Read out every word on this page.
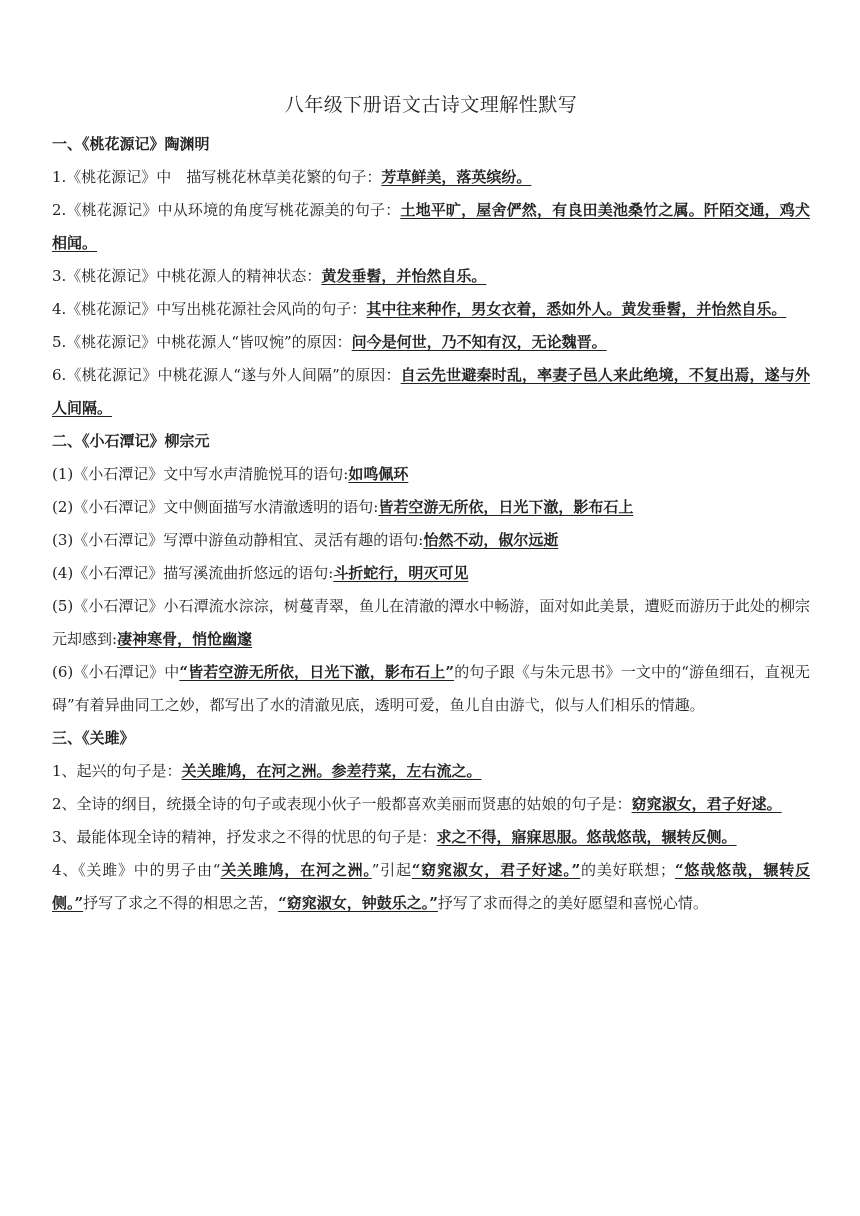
八年级下册语文古诗文理解性默写
一、《桃花源记》陶渊明

1.《桃花源记》中　描写桃花林草美花繁的句子：芳草鲜美，落英缤纷。

2.《桃花源记》中从环境的角度写桃花源美的句子：土地平旷，屋舍俨然，有良田美池桑竹之属。阡陌交通，鸡犬相闻。

3.《桃花源记》中桃花源人的精神状态：黄发垂髫，并怡然自乐。

4.《桃花源记》中写出桃花源社会风尚的句子：其中往来种作，男女衣着，悉如外人。黄发垂髫，并怡然自乐。

5.《桃花源记》中桃花源人“皆叹惋”的原因：问今是何世，乃不知有汉，无论魏晋。

6.《桃花源记》中桃花源人“遂与外人间隔”的原因：自云先世避秦时乱，率妻子邑人来此绝境，不复出焉，遂与外人间隔。

二、《小石潭记》柳宗元

(1)《小石潭记》文中写水声清脆悦耳的语句:如鸣佩环

(2)《小石潭记》文中侧面描写水清澈透明的语句:皆若空游无所依，日光下澈，影布石上

(3)《小石潭记》写潭中游鱼动静相宜、灵活有趣的语句:怡然不动，俶尔远逝

(4)《小石潭记》描写溪流曲折悠远的语句:斗折蛇行，明灭可见

(5)《小石潭记》小石潭流水淙淙，树蔓青翠，鱼儿在清澈的潭水中畅游，面对如此美景，遭贬而游历于此处的柳宗元却感到:凄神寒骨，悄怆幽邃

(6)《小石潭记》中“皆若空游无所依，日光下澈，影布石上”的句子跟《与朱元思书》一文中的“游鱼细石，直视无碍”有着异曲同工之妙，都写出了水的清澈见底，透明可爱，鱼儿自由游弋，似与人们相乐的情趣。

三、《关雎》

1、起兴的句子是：关关雎鸠，在河之洲。参差荇菜，左右流之。

2、全诗的纲目，统摄全诗的句子或表现小伙子一般都喜欢美丽而贤惠的姑娘的句子是：窈窕淑女，君子好逑。

3、最能体现全诗的精神，抒发求之不得的忧思的句子是：求之不得，寤寐思服。悠哉悠哉，辗转反侧。

4、《关雎》中的男子由“关关雎鸠，在河之洲。”引起“窈窕淑女，君子好逑。”的美好联想；“悠哉悠哉，辗转反侧。”抒写了求之不得的相思之苦，“窈窕淑女，钟鼓乐之。”抒写了求而得之的美好愿望和喜悦心情。
